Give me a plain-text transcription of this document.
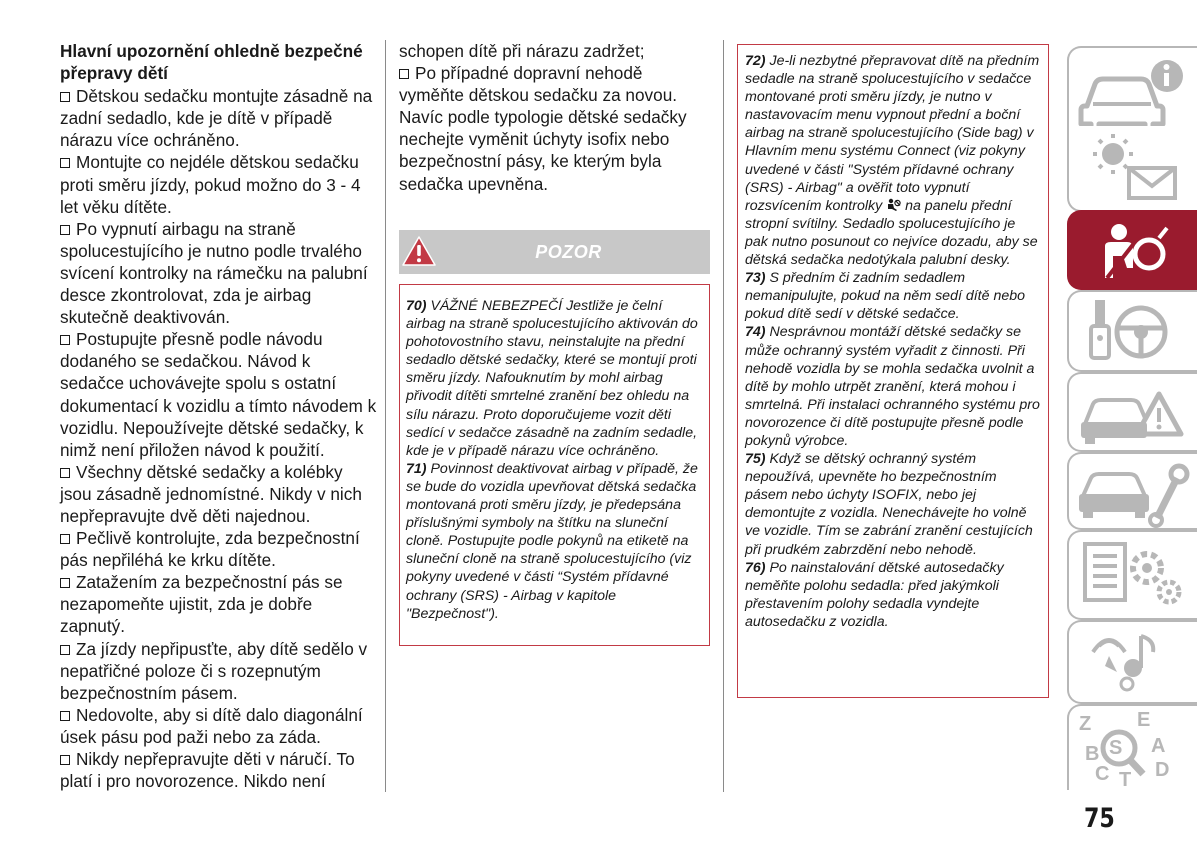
Hlavní upozornění ohledně bezpečné přepravy dětí

Dětskou sedačku montujte zásadně na zadní sedadlo, kde je dítě v případě nárazu více ochráněno.

Montujte co nejdéle dětskou sedačku proti směru jízdy, pokud možno do 3 - 4 let věku dítěte.

Po vypnutí airbagu na straně spolucestujícího je nutno podle trvalého svícení kontrolky na rámečku na palubní desce zkontrolovat, zda je airbag skutečně deaktivován.

Postupujte přesně podle návodu dodaného se sedačkou. Návod k sedačce uchovávejte spolu s ostatní dokumentací k vozidlu a tímto návodem k vozidlu. Nepoužívejte dětské sedačky, k nimž není přiložen návod k použití.

Všechny dětské sedačky a kolébky jsou zásadně jednomístné. Nikdy v nich nepřepravujte dvě děti najednou.

Pečlivě kontrolujte, zda bezpečnostní pás nepřiléhá ke krku dítěte.

Zatažením za bezpečnostní pás se nezapomeňte ujistit, zda je dobře zapnutý.

Za jízdy nepřipusťte, aby dítě sedělo v nepatřičné poloze či s rozepnutým bezpečnostním pásem.

Nedovolte, aby si dítě dalo diagonální úsek pásu pod paži nebo za záda.

Nikdy nepřepravujte děti v náručí. To platí i pro novorozence. Nikdo není

schopen dítě při nárazu zadržet;

Po případné dopravní nehodě vyměňte dětskou sedačku za novou. Navíc podle typologie dětské sedačky nechejte vyměnit úchyty isofix nebo bezpečnostní pásy, ke kterým byla sedačka upevněna.

POZOR

70) VÁŽNÉ NEBEZPEČÍ Jestliže je čelní airbag na straně spolucestujícího aktivován do pohotovostního stavu, neinstalujte na přední sedadlo dětské sedačky, které se montují proti směru jízdy. Nafouknutím by mohl airbag přivodit dítěti smrtelné zranění bez ohledu na sílu nárazu. Proto doporučujeme vozit děti sedící v sedačce zásadně na zadním sedadle, kde je v případě nárazu více ochráněno.

71) Povinnost deaktivovat airbag v případě, že se bude do vozidla upevňovat dětská sedačka montovaná proti směru jízdy, je předepsána příslušnými symboly na štítku na sluneční cloně. Postupujte podle pokynů na etiketě na sluneční cloně na straně spolucestujícího (viz pokyny uvedené v části “Systém přídavné ochrany (SRS) - Airbag v kapitole "Bezpečnost").

72) Je-li nezbytné přepravovat dítě na předním sedadle na straně spolucestujícího v sedačce montované proti směru jízdy, je nutno v nastavovacím menu vypnout přední a boční airbag na straně spolucestujícího (Side bag) v Hlavním menu systému Connect (viz pokyny uvedené v části "Systém přídavné ochrany (SRS) - Airbag" a ověřit toto vypnutí rozsvícením kontrolky  na panelu přední stropní svítilny. Sedadlo spolucestujícího je pak nutno posunout co nejvíce dozadu, aby se dětská sedačka nedotýkala palubní desky.

73) S předním či zadním sedadlem nemanipulujte, pokud na něm sedí dítě nebo pokud dítě sedí v dětské sedačce.

74) Nesprávnou montáží dětské sedačky se může ochranný systém vyřadit z činnosti. Při nehodě vozidla by se mohla sedačka uvolnit a dítě by mohlo utrpět zranění, která mohou i smrtelná. Při instalaci ochranného systému pro novorozence či dítě postupujte přesně podle pokynů výrobce.

75) Když se dětský ochranný systém nepoužívá, upevněte ho bezpečnostním pásem nebo úchyty ISOFIX, nebo jej demontujte z vozidla. Nenechávejte ho volně ve vozidle. Tím se zabrání zranění cestujících při prudkém zabrzdění nebo nehodě.

76) Po nainstalování dětské autosedačky neměňte polohu sedadla: před jakýmkoli přestavením polohy sedadla vyndejte autosedačku z vozidla.

Z E
B	A
C T D
S
75
